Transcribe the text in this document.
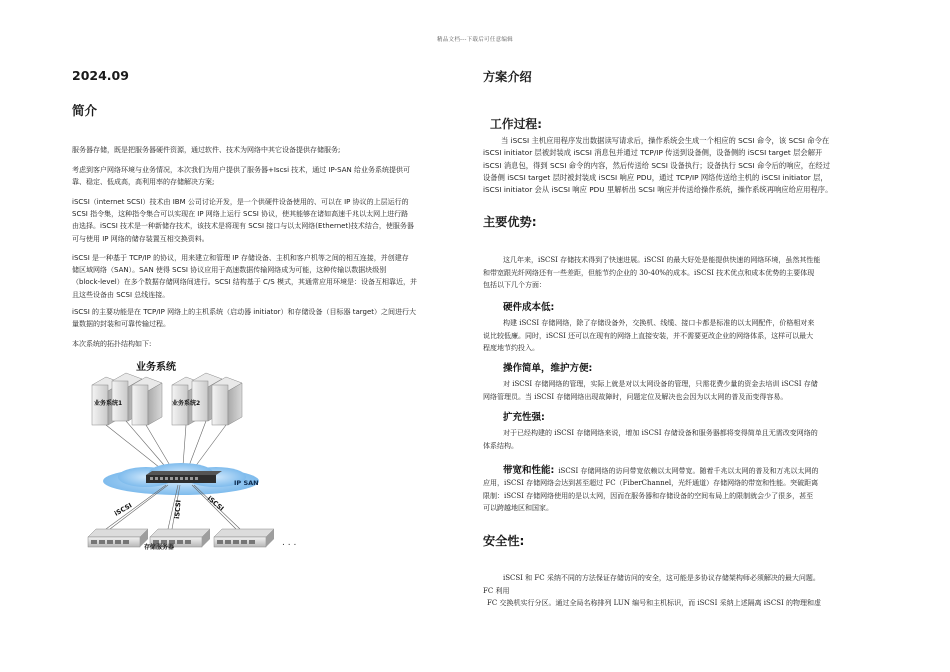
精品文档---下载后可任意编辑
2024.09
简介
服务器存储，既是把服务器硬件资源，通过软件、技术为网络中其它设备提供存储服务;
考虑到客户网络环境与业务情况，本次我们为用户提供了服务器+Iscsi 技术，通过 IP-SAN 给业务系统提供可
靠、稳定、低成高，高利用率的存储解决方案;
iSCSI（internet SCSI）技术由 IBM 公司讨论开发，是一个供硬件设备使用的、可以在 IP 协议的上层运行的
SCSI 指令集，这种指令集合可以实现在 IP 网络上运行 SCSI 协议，使其能够在诸如高速千兆以太网上进行路
由选择。iSCSI 技术是一种新储存技术，该技术是将现有 SCSI 接口与以太网络(Ethernet)技术结合，使服务器
可与使用 IP 网络的储存装置互相交换资料。
iSCSI 是一种基于 TCP/IP 的协议，用来建立和管理 IP 存储设备、主机和客户机等之间的相互连接，并创建存
储区域网络（SAN）。SAN 使得 SCSI 协议应用于高速数据传输网络成为可能，这种传输以数据块级别
（block-level）在多个数据存储网络间进行。SCSI 结构基于 C/S 模式，其通常应用环境是：设备互相靠近，并
且这些设备由 SCSI 总线连接。
iSCSI 的主要功能是在 TCP/IP 网络上的主机系统（启动器 initiator）和存储设备（目标器 target）之间进行大
量数据的封装和可靠传输过程。
本次系统的拓扑结构如下:
业务系统
业务系统1	业务系统2
IP SAN
iSCSI	iSCSI	iSCSI
. . .
存储服务器
方案介绍
工作过程:
当 iSCSI 主机应用程序发出数据读写请求后，操作系统会生成一个相应的 SCSI 命令，该 SCSI 命令在
iSCSI initiator 层被封装成 iSCSI 消息包并通过 TCP/IP 传送到设备侧，设备侧的 iSCSI target 层会解开
iSCSI 消息包，得到 SCSI 命令的内容，然后传送给 SCSI 设备执行；设备执行 SCSI 命令后的响应，在经过
设备侧 iSCSI target 层时被封装成 iSCSI 响应 PDU，通过 TCP/IP 网络传送给主机的 iSCSI initiator 层，
iSCSI initiator 会从 iSCSI 响应 PDU 里解析出 SCSI 响应并传送给操作系统，操作系统再响应给应用程序。
主要优势:
这几年来，iSCSI 存储技术得到了快速进展。iSCSI 的最大好处是能提供快速的网络环境，虽然其性能
和带宽跟光纤网络还有一些差距，但能节约企业的 30-40%的成本。iSCSI 技术优点和成本优势的主要体现
包括以下几个方面：
硬件成本低:
构建 iSCSI 存储网络，除了存储设备外，交换机、线缆、接口卡都是标准的以太网配件，价格相对来
说比较低廉。同时，iSCSI 还可以在现有的网络上直接安装，并不需要更改企业的网络体系，这样可以最大
程度地节约投入。
操作简单，维护方便:
对 iSCSI 存储网络的管理，实际上就是对以太网设备的管理，只需花费少量的资金去培训 iSCSI 存储
网络管理员。当 iSCSI 存储网络出现故障时，问题定位及解决也会因为以太网的普及而变得容易。
扩充性强:
对于已经构建的 iSCSI 存储网络来说，增加 iSCSI 存储设备和服务器都将变得简单且无需改变网络的
体系结构。
带宽和性能: iSCSI 存储网络的访问带宽依赖以太网带宽。随着千兆以太网的普及和万兆以太网的
应用，iSCSI 存储网络会达到甚至超过 FC（FiberChannel，光纤通道）存储网络的带宽和性能。突破距离
限制：iSCSI 存储网络使用的是以太网，因而在服务器和存储设备的空间布局上的限制就会少了很多，甚至
可以跨越地区和国家。
安全性:
iSCSI 和 FC 采纳不同的方法保证存储访问的安全，这可能是多协议存储架构师必须解决的最大问题。
FC 利用
FC 交换机实行分区。通过全局名称排列 LUN 编号和主机标识，而 iSCSI 采纳上述隔离 iSCSI 的物理和虚
